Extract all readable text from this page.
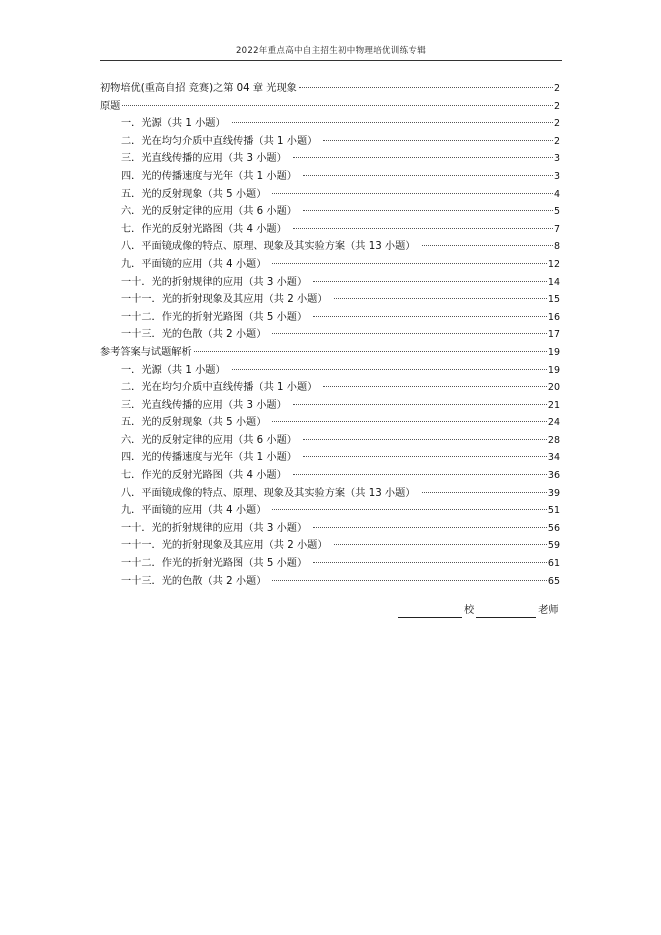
2022年重点高中自主招生初中物理培优训练专辑
初物培优(重高自招 竞赛)之第 04 章 光现象	2
原题	2
一．光源（共 1 小题）	2
二．光在均匀介质中直线传播（共 1 小题）	2
三．光直线传播的应用（共 3 小题）	3
四．光的传播速度与光年（共 1 小题）	3
五．光的反射现象（共 5 小题）	4
六．光的反射定律的应用（共 6 小题）	5
七．作光的反射光路图（共 4 小题）	7
八．平面镜成像的特点、原理、现象及其实验方案（共 13 小题）	8
九．平面镜的应用（共 4 小题）	12
一十．光的折射规律的应用（共 3 小题）	14
一十一．光的折射现象及其应用（共 2 小题）	15
一十二．作光的折射光路图（共 5 小题）	16
一十三．光的色散（共 2 小题）	17
参考答案与试题解析	19
一．光源（共 1 小题）	19
二．光在均匀介质中直线传播（共 1 小题）	20
三．光直线传播的应用（共 3 小题）	21
五．光的反射现象（共 5 小题）	24
六．光的反射定律的应用（共 6 小题）	28
四．光的传播速度与光年（共 1 小题）	34
七．作光的反射光路图（共 4 小题）	36
八．平面镜成像的特点、原理、现象及其实验方案（共 13 小题）	39
九．平面镜的应用（共 4 小题）	51
一十．光的折射规律的应用（共 3 小题）	56
一十一．光的折射现象及其应用（共 2 小题）	59
一十二．作光的折射光路图（共 5 小题）	61
一十三．光的色散（共 2 小题）	65
校	老师
